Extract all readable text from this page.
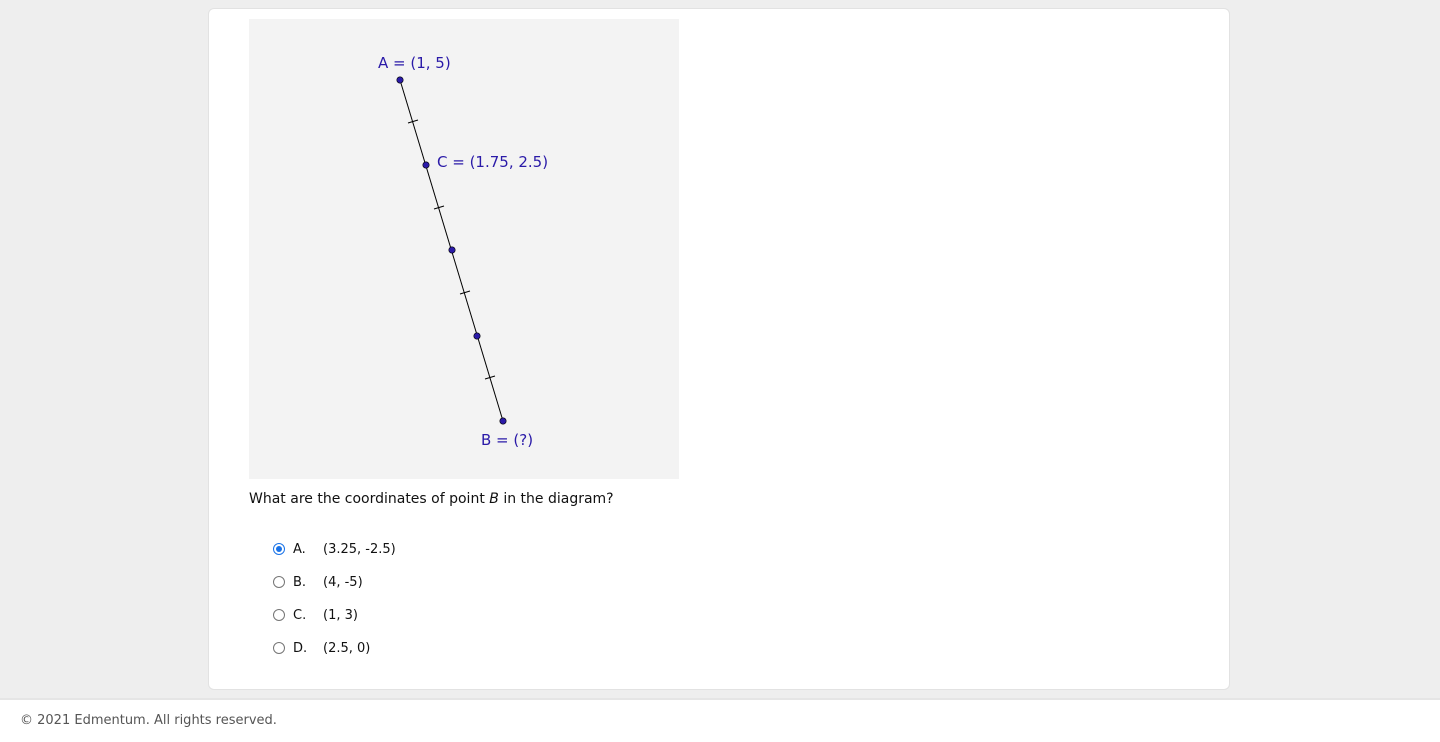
A = (1, 5)
C = (1.75, 2.5)
B = (?)
What are the coordinates of point B in the diagram?
A.	(3.25, -2.5)
B.	(4, -5)
C.	(1, 3)
D.	(2.5, 0)
© 2021 Edmentum. All rights reserved.
